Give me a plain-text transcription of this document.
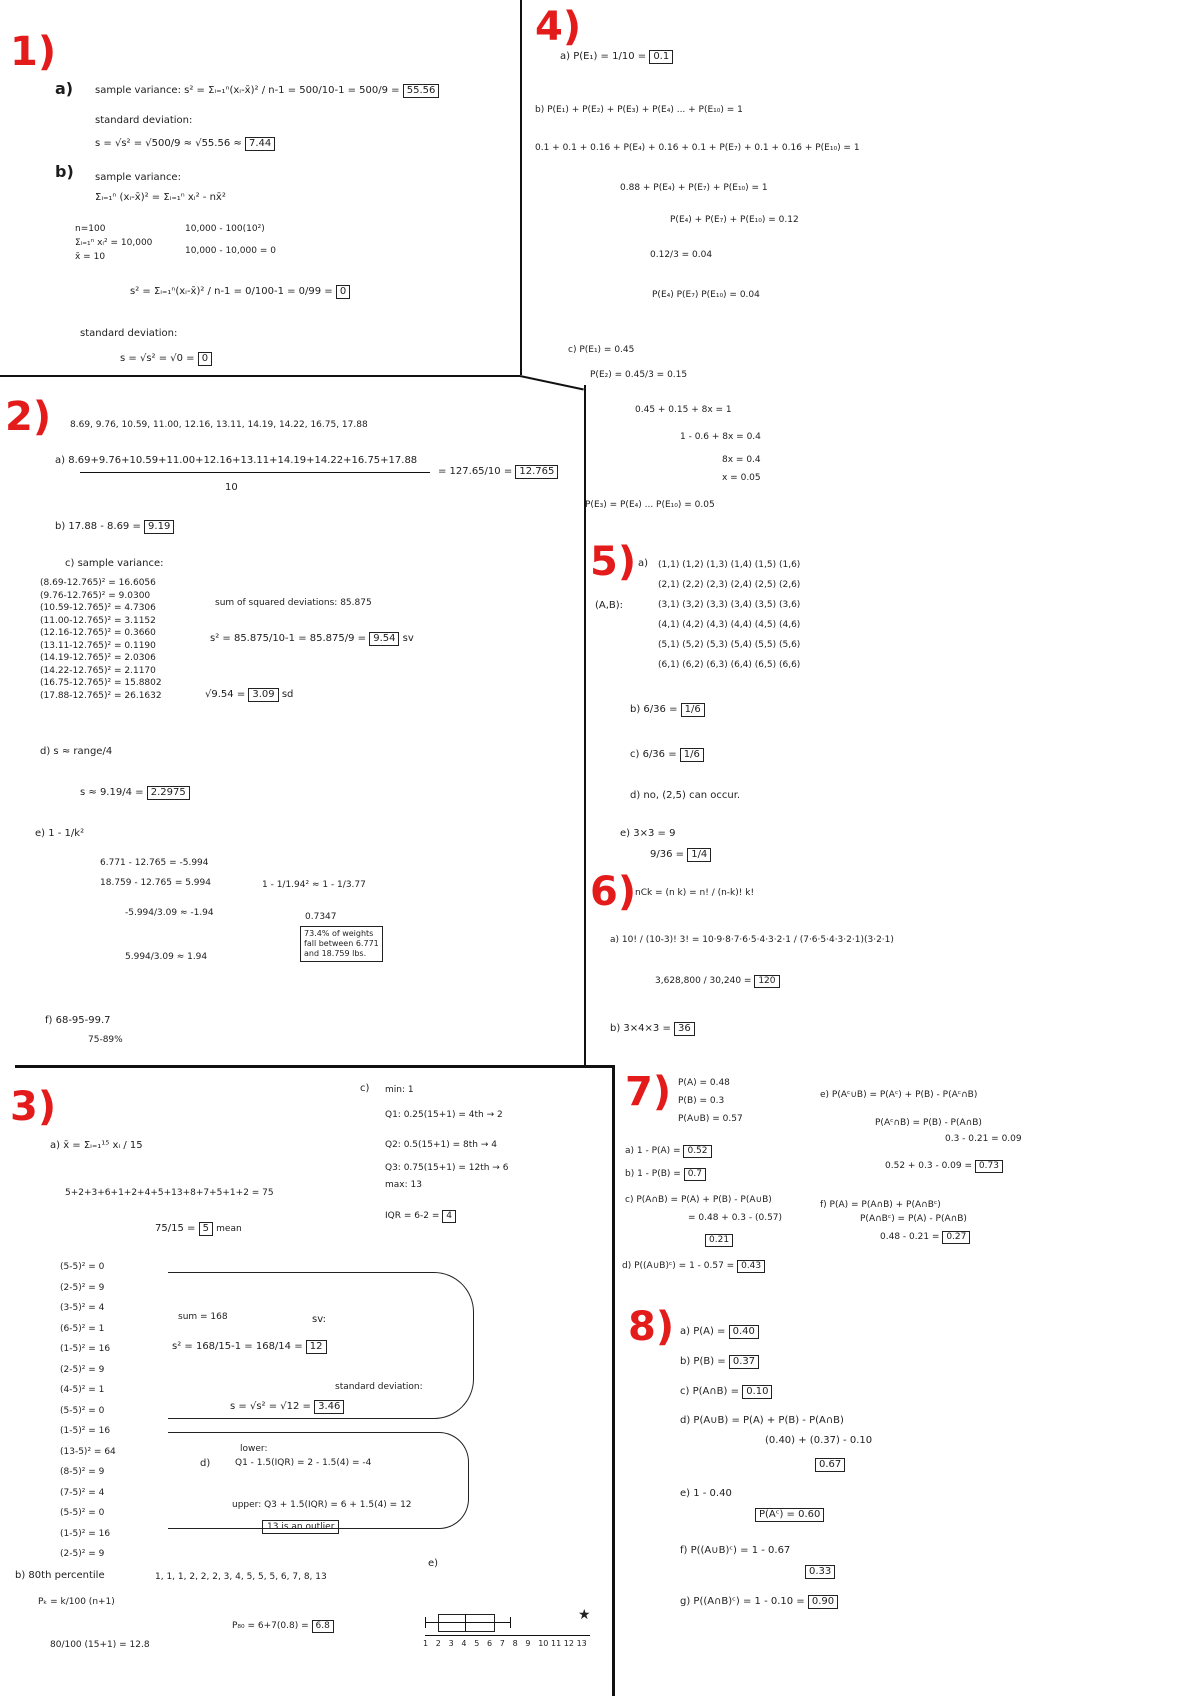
1)
a) sample variance: s² = Σᵢ₌₁ⁿ(xᵢ-x̄)² / n-1 = 500/10-1 = 500/9 = 55.56
standard deviation:
s = √s² = √500/9 ≈ √55.56 ≈ 7.44
b) sample variance:
Σᵢ₌₁ⁿ (xᵢ-x̄)² = Σᵢ₌₁ⁿ xᵢ² - nx̄²
n=100
Σᵢ₌₁ⁿ xᵢ² = 10,000
x̄ = 10
10,000 - 100(10²)
10,000 - 10,000 = 0
s² = Σᵢ₌₁ⁿ(xᵢ-x̄)² / n-1 = 0/100-1 = 0/99 = 0
standard deviation:
s = √s² = √0 = 0
2) 8.69, 9.76, 10.59, 11.00, 12.16, 13.11, 14.19, 14.22, 16.75, 17.88
a) 8.69+9.76+10.59+11.00+12.16+13.11+14.19+14.22+16.75+17.88
10
= 127.65/10 = 12.765
b) 17.88 - 8.69 = 9.19
c) sample variance:
(8.69-12.765)² = 16.6056
(9.76-12.765)² = 9.0300
(10.59-12.765)² = 4.7306
(11.00-12.765)² = 3.1152
(12.16-12.765)² = 0.3660
(13.11-12.765)² = 0.1190
(14.19-12.765)² = 2.0306
(14.22-12.765)² = 2.1170
(16.75-12.765)² = 15.8802
(17.88-12.765)² = 26.1632
sum of squared deviations: 85.875
s² = 85.875/10-1 = 85.875/9 = 9.54 sv
√9.54 = 3.09 sd
d) s ≈ range/4
s ≈ 9.19/4 = 2.2975
e) 1 - 1/k²
6.771 - 12.765 = -5.994
18.759 - 12.765 = 5.994
-5.994/3.09 ≈ -1.94
5.994/3.09 ≈ 1.94
1 - 1/1.94² ≈ 1 - 1/3.77
0.7347
73.4% of weights fall between 6.771 and 18.759 lbs.
f) 68-95-99.7
75-89%
3)
a) x̄ = Σᵢ₌₁¹⁵ xᵢ / 15
5+2+3+6+1+2+4+5+13+8+7+5+1+2 = 75
75/15 = 5 mean
(5-5)² = 0
(2-5)² = 9
(3-5)² = 4
(6-5)² = 1
(1-5)² = 16
(2-5)² = 9
(4-5)² = 1
(5-5)² = 0
(1-5)² = 16
(13-5)² = 64
(8-5)² = 9
(7-5)² = 4
(5-5)² = 0
(1-5)² = 16
(2-5)² = 9
sum = 168
s² = 168/15-1 = 168/14 = 12
sv:
standard deviation:
s = √s² = √12 = 3.46
d)
lower:
Q1 - 1.5(IQR) = 2 - 1.5(4) = -4
upper: Q3 + 1.5(IQR) = 6 + 1.5(4) = 12
13 is an outlier
b) 80th percentile	1, 1, 1, 2, 2, 2, 3, 4, 5, 5, 5, 6, 7, 8, 13
Pₖ = k/100 (n+1)
80/100 (15+1) = 12.8
P₈₀ = 6+7(0.8) = 6.8
c) min: 1
Q1: 0.25(15+1) = 4th → 2
Q2: 0.5(15+1) = 8th → 4
Q3: 0.75(15+1) = 12th → 6
max: 13
IQR = 6-2 = 4
e)
★
1 2 3 4 5 6 7 8 9 10 11 12 13
4)
a) P(E₁) = 1/10 = 0.1
b) P(E₁) + P(E₂) + P(E₃) + P(E₄) ... + P(E₁₀) = 1
0.1 + 0.1 + 0.16 + P(E₄) + 0.16 + 0.1 + P(E₇) + 0.1 + 0.16 + P(E₁₀) = 1
0.88 + P(E₄) + P(E₇) + P(E₁₀) = 1
P(E₄) + P(E₇) + P(E₁₀) = 0.12
0.12/3 = 0.04
P(E₄) P(E₇) P(E₁₀) = 0.04
c) P(E₁) = 0.45
P(E₂) = 0.45/3 = 0.15
0.45 + 0.15 + 8x = 1
1 - 0.6 + 8x = 0.4
8x = 0.4
x = 0.05
P(E₃) = P(E₄) ... P(E₁₀) = 0.05
5) a)
(A,B):
(1,1) (1,2) (1,3) (1,4) (1,5) (1,6)
(2,1) (2,2) (2,3) (2,4) (2,5) (2,6)
(3,1) (3,2) (3,3) (3,4) (3,5) (3,6)
(4,1) (4,2) (4,3) (4,4) (4,5) (4,6)
(5,1) (5,2) (5,3) (5,4) (5,5) (5,6)
(6,1) (6,2) (6,3) (6,4) (6,5) (6,6)
b) 6/36 = 1/6
c) 6/36 = 1/6
d) no, (2,5) can occur.
e) 3×3 = 9
9/36 = 1/4
6)
nCk = (n k) = n! / (n-k)! k!
a) 10! / (10-3)! 3! = 10·9·8·7·6·5·4·3·2·1 / (7·6·5·4·3·2·1)(3·2·1)
3,628,800 / 30,240 = 120
b) 3×4×3 = 36
7) P(A) = 0.48
P(B) = 0.3
P(A∪B) = 0.57
a) 1 - P(A) = 0.52
b) 1 - P(B) = 0.7
c) P(A∩B) = P(A) + P(B) - P(A∪B)
= 0.48 + 0.3 - (0.57)
0.21
d) P((A∪B)ᶜ) = 1 - 0.57 = 0.43
e) P(Aᶜ∪B) = P(Aᶜ) + P(B) - P(Aᶜ∩B)
P(Aᶜ∩B) = P(B) - P(A∩B)
0.3 - 0.21 = 0.09
0.52 + 0.3 - 0.09 = 0.73
f) P(A) = P(A∩B) + P(A∩Bᶜ)
P(A∩Bᶜ) = P(A) - P(A∩B)
0.48 - 0.21 = 0.27
8) a) P(A) = 0.40
b) P(B) = 0.37
c) P(A∩B) = 0.10
d) P(A∪B) = P(A) + P(B) - P(A∩B)
(0.40) + (0.37) - 0.10
0.67
e) 1 - 0.40
P(Aᶜ) = 0.60
f) P((A∪B)ᶜ) = 1 - 0.67
0.33
g) P((A∩B)ᶜ) = 1 - 0.10 = 0.90
